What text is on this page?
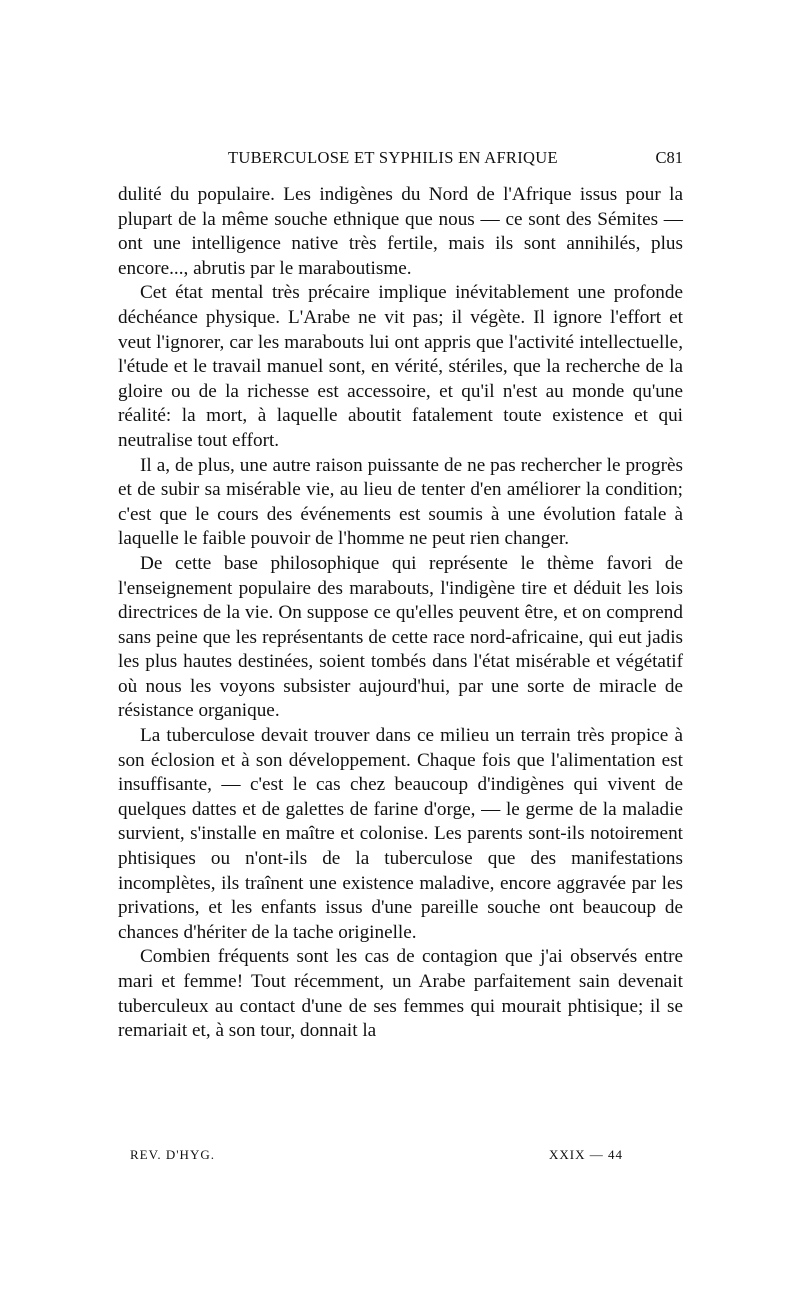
TUBERCULOSE ET SYPHILIS EN AFRIQUE	C81

dulité du populaire. Les indigènes du Nord de l'Afrique issus pour la plupart de la même souche ethnique que nous — ce sont des Sémites — ont une intelligence native très fertile, mais ils sont annihilés, plus encore..., abrutis par le maraboutisme.

Cet état mental très précaire implique inévitablement une profonde déchéance physique. L'Arabe ne vit pas; il végète. Il ignore l'effort et veut l'ignorer, car les marabouts lui ont appris que l'activité intellectuelle, l'étude et le travail manuel sont, en vérité, stériles, que la recherche de la gloire ou de la richesse est accessoire, et qu'il n'est au monde qu'une réalité: la mort, à laquelle aboutit fatalement toute existence et qui neutralise tout effort.

Il a, de plus, une autre raison puissante de ne pas rechercher le progrès et de subir sa misérable vie, au lieu de tenter d'en améliorer la condition; c'est que le cours des événements est soumis à une évolution fatale à laquelle le faible pouvoir de l'homme ne peut rien changer.

De cette base philosophique qui représente le thème favori de l'enseignement populaire des marabouts, l'indigène tire et déduit les lois directrices de la vie. On suppose ce qu'elles peuvent être, et on comprend sans peine que les représentants de cette race nord-africaine, qui eut jadis les plus hautes destinées, soient tombés dans l'état misérable et végétatif où nous les voyons subsister aujourd'hui, par une sorte de miracle de résistance organique.

La tuberculose devait trouver dans ce milieu un terrain très propice à son éclosion et à son développement. Chaque fois que l'alimentation est insuffisante, — c'est le cas chez beaucoup d'indigènes qui vivent de quelques dattes et de galettes de farine d'orge, — le germe de la maladie survient, s'installe en maître et colonise. Les parents sont-ils notoirement phtisiques ou n'ont-ils de la tuberculose que des manifestations incomplètes, ils traînent une existence maladive, encore aggravée par les privations, et les enfants issus d'une pareille souche ont beaucoup de chances d'hériter de la tache originelle.

Combien fréquents sont les cas de contagion que j'ai observés entre mari et femme! Tout récemment, un Arabe parfaitement sain devenait tuberculeux au contact d'une de ses femmes qui mourait phtisique; il se remariait et, à son tour, donnait la

REV. D'HYG.	XXIX — 44
